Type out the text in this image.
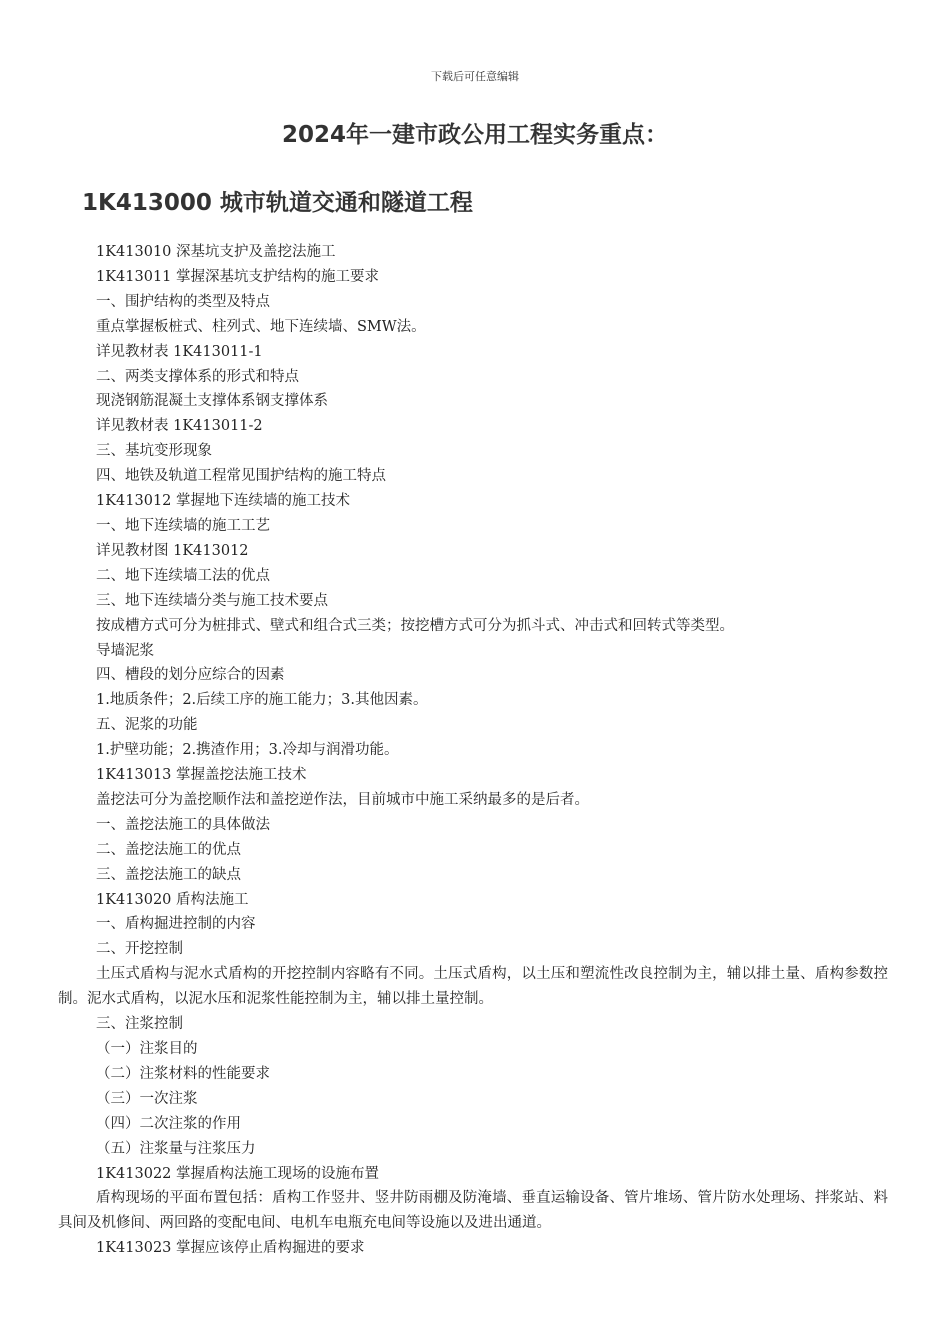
下载后可任意编辑
2024年一建市政公用工程实务重点：
1K413000 城市轨道交通和隧道工程
1K413010 深基坑支护及盖挖法施工
1K413011 掌握深基坑支护结构的施工要求
一、围护结构的类型及特点
重点掌握板桩式、柱列式、地下连续墙、SMW法。
详见教材表 1K413011-1
二、两类支撑体系的形式和特点
现浇钢筋混凝土支撑体系钢支撑体系
详见教材表 1K413011-2
三、基坑变形现象
四、地铁及轨道工程常见围护结构的施工特点
1K413012 掌握地下连续墙的施工技术
一、地下连续墙的施工工艺
详见教材图 1K413012
二、地下连续墙工法的优点
三、地下连续墙分类与施工技术要点
按成槽方式可分为桩排式、壁式和组合式三类；按挖槽方式可分为抓斗式、冲击式和回转式等类型。
导墙泥浆
四、槽段的划分应综合的因素
1.地质条件；2.后续工序的施工能力；3.其他因素。
五、泥浆的功能
1.护壁功能；2.携渣作用；3.冷却与润滑功能。
1K413013 掌握盖挖法施工技术
盖挖法可分为盖挖顺作法和盖挖逆作法，目前城市中施工采纳最多的是后者。
一、盖挖法施工的具体做法
二、盖挖法施工的优点
三、盖挖法施工的缺点
1K413020 盾构法施工
一、盾构掘进控制的内容
二、开挖控制
土压式盾构与泥水式盾构的开挖控制内容略有不同。土压式盾构，以土压和塑流性改良控制为主，辅以排土量、盾构参数控制。泥水式盾构，以泥水压和泥浆性能控制为主，辅以排土量控制。
三、注浆控制
（一）注浆目的
（二）注浆材料的性能要求
（三）一次注浆
（四）二次注浆的作用
（五）注浆量与注浆压力
1K413022 掌握盾构法施工现场的设施布置
盾构现场的平面布置包括：盾构工作竖井、竖井防雨棚及防淹墙、垂直运输设备、管片堆场、管片防水处理场、拌浆站、料具间及机修间、两回路的变配电间、电机车电瓶充电间等设施以及进出通道。
1K413023 掌握应该停止盾构掘进的要求
